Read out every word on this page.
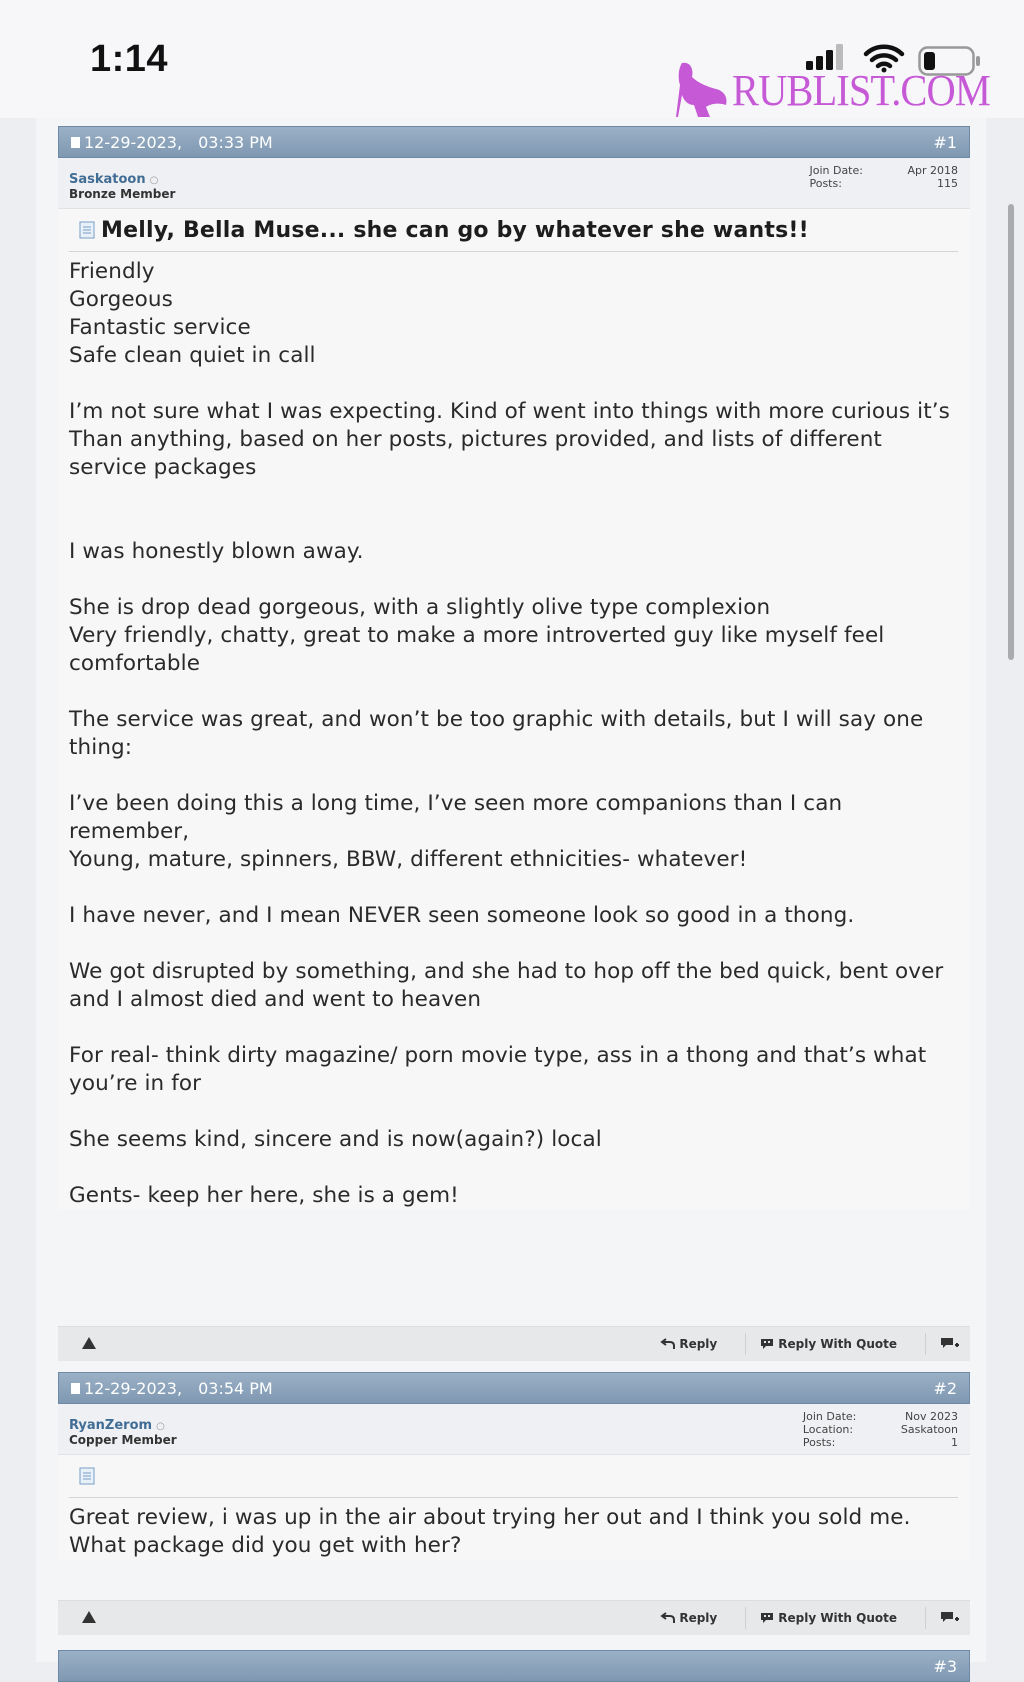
1:14
RUBLIST.COM
12-29-2023, 03:33 PM	#1
Saskatoon ○
Bronze Member
Join Date:	Apr 2018
Posts:	115
Melly, Bella Muse... she can go by whatever she wants!!
Friendly
Gorgeous
Fantastic service
Safe clean quiet in call

I’m not sure what I was expecting. Kind of went into things with more curious it’s
Than anything, based on her posts, pictures provided, and lists of different service packages

I was honestly blown away.

She is drop dead gorgeous, with a slightly olive type complexion
Very friendly, chatty, great to make a more introverted guy like myself feel comfortable

The service was great, and won’t be too graphic with details, but I will say one thing:

I’ve been doing this a long time, I’ve seen more companions than I can remember,
Young, mature, spinners, BBW, different ethnicities- whatever!

I have never, and I mean NEVER seen someone look so good in a thong.

We got disrupted by something, and she had to hop off the bed quick, bent over and I almost died and went to heaven

For real- think dirty magazine/ porn movie type, ass in a thong and that’s what you’re in for

She seems kind, sincere and is now(again?) local

Gents- keep her here, she is a gem!
Reply	Reply With Quote
12-29-2023, 03:54 PM	#2
RyanZerom ○
Copper Member
Join Date:	Nov 2023
Location:	Saskatoon
Posts:	1
Great review, i was up in the air about trying her out and I think you sold me. What package did you get with her?
Reply	Reply With Quote
#3
